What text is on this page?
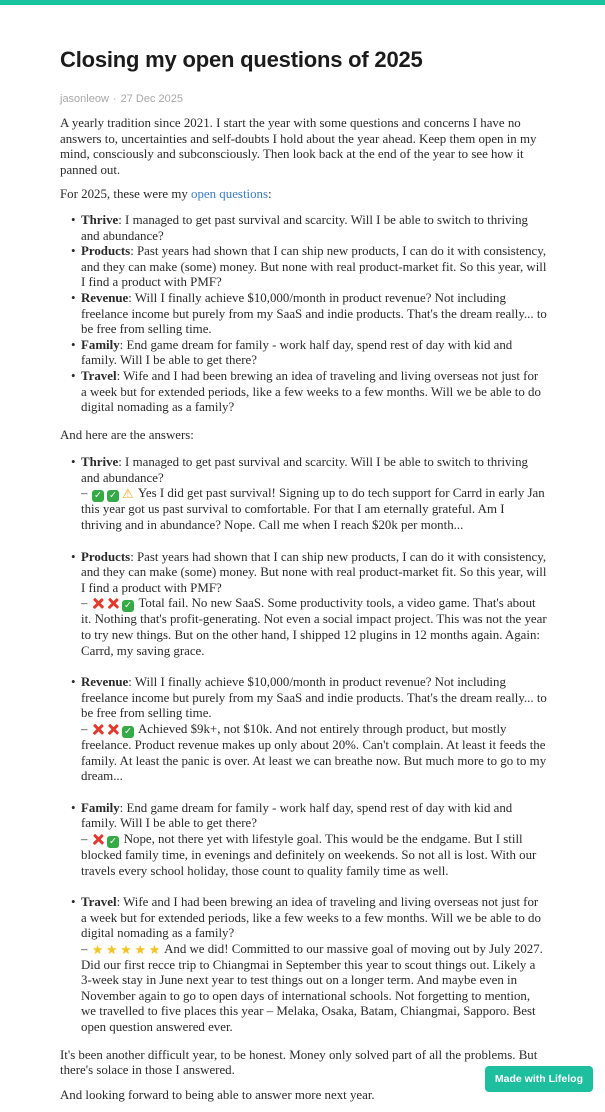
Closing my open questions of 2025
jasonleow · 27 Dec 2025

A yearly tradition since 2021. I start the year with some questions and concerns I have no answers to, uncertainties and self-doubts I hold about the year ahead. Keep them open in my mind, consciously and subconsciously. Then look back at the end of the year to see how it panned out.

For 2025, these were my open questions:

• Thrive: I managed to get past survival and scarcity. Will I be able to switch to thriving and abundance?
• Products: Past years had shown that I can ship new products, I can do it with consistency, and they can make (some) money. But none with real product-market fit. So this year, will I find a product with PMF?
• Revenue: Will I finally achieve $10,000/month in product revenue? Not including freelance income but purely from my SaaS and indie products. That's the dream really... to be free from selling time.
• Family: End game dream for family - work half day, spend rest of day with kid and family. Will I be able to get there?
• Travel: Wife and I had been brewing an idea of traveling and living overseas not just for a week but for extended periods, like a few weeks to a few months. Will we be able to do digital nomading as a family?

And here are the answers:

• Thrive: I managed to get past survival and scarcity. Will I be able to switch to thriving and abundance?
– ✓ ✓ ⚠	Yes I did get past survival! Signing up to do tech support for Carrd in early Jan this year got us past survival to comfortable. For that I am eternally grateful. Am I thriving and in abundance? Nope. Call me when I reach $20k per month...
• Products: Past years had shown that I can ship new products, I can do it with consistency, and they can make (some) money. But none with real product-market fit. So this year, will I find a product with PMF?
– ✓	Total fail. No new SaaS. Some productivity tools, a video game. That's about it. Nothing that's profit-generating. Not even a social impact project. This was not the year to try new things. But on the other hand, I shipped 12 plugins in 12 months again. Again: Carrd, my saving grace.
• Revenue: Will I finally achieve $10,000/month in product revenue? Not including freelance income but purely from my SaaS and indie products. That's the dream really... to be free from selling time.
– ✓	Achieved $9k+, not $10k. And not entirely through product, but mostly freelance. Product revenue makes up only about 20%. Can't complain. At least it feeds the family. At least the panic is over. At least we can breathe now. But much more to go to my dream...
• Family: End game dream for family - work half day, spend rest of day with kid and family. Will I be able to get there?
– ✓	Nope, not there yet with lifestyle goal. This would be the endgame. But I still blocked family time, in evenings and definitely on weekends. So not all is lost. With our travels every school holiday, those count to quality family time as well.
• Travel: Wife and I had been brewing an idea of traveling and living overseas not just for a week but for extended periods, like a few weeks to a few months. Will we be able to do digital nomading as a family?
– ★ ★ ★ ★ ★	And we did! Committed to our massive goal of moving out by July 2027. Did our first recce trip to Chiangmai in September this year to scout things out. Likely a 3-week stay in June next year to test things out on a longer term. And maybe even in November again to go to open days of international schools. Not forgetting to mention, we travelled to five places this year – Melaka, Osaka, Batam, Chiangmai, Sapporo. Best open question answered ever.

It's been another difficult year, to be honest. Money only solved part of all the problems. But there's solace in those I answered.

And looking forward to being able to answer more next year.

Made with Lifelog
